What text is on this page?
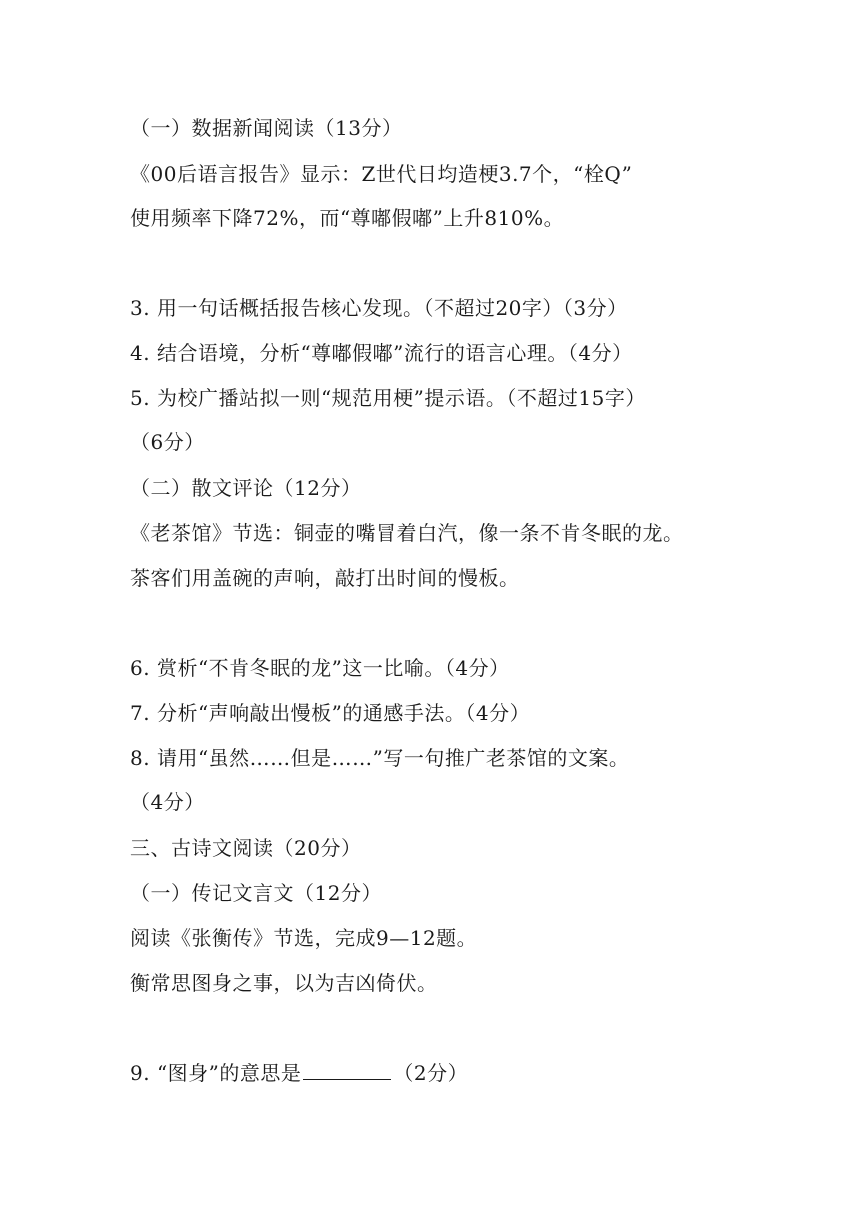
（一）数据新闻阅读（13分）
《00后语言报告》显示：Z世代日均造梗3.7个，“栓Q”
使用频率下降72%，而“尊嘟假嘟”上升810%。
3. 用一句话概括报告核心发现。（不超过20字）（3分）
4. 结合语境，分析“尊嘟假嘟”流行的语言心理。（4分）
5. 为校广播站拟一则“规范用梗”提示语。（不超过15字）
（6分）
（二）散文评论（12分）
《老茶馆》节选：铜壶的嘴冒着白汽，像一条不肯冬眠的龙。
茶客们用盖碗的声响，敲打出时间的慢板。
6. 赏析“不肯冬眠的龙”这一比喻。（4分）
7. 分析“声响敲出慢板”的通感手法。（4分）
8. 请用“虽然……但是……”写一句推广老茶馆的文案。
（4分）
三、古诗文阅读（20分）
（一）传记文言文（12分）
阅读《张衡传》节选，完成9—12题。
衡常思图身之事，以为吉凶倚伏。
9. “图身”的意思是	（2分）
